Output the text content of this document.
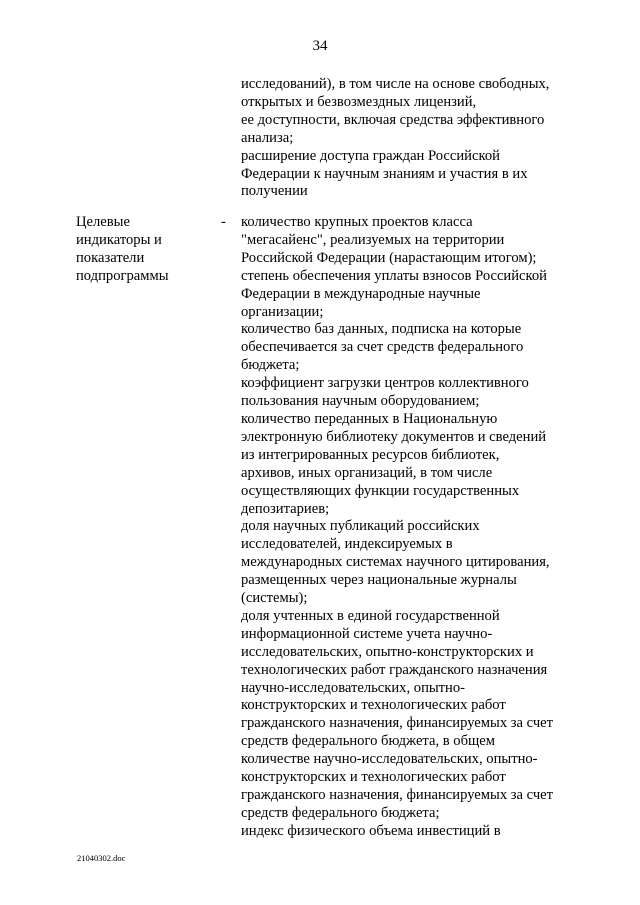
34
исследований), в том числе на основе свободных,
открытых и безвозмездных лицензий,
ее доступности, включая средства эффективного
анализа;
расширение доступа граждан Российской
Федерации к научным знаниям и участия в их
получении
Целевые
индикаторы и
показатели
подпрограммы
- количество крупных проектов класса
"мегасайенс", реализуемых на территории
Российской Федерации (нарастающим итогом);
степень обеспечения уплаты взносов Российской
Федерации в международные научные
организации;
количество баз данных, подписка на которые
обеспечивается за счет средств федерального
бюджета;
коэффициент загрузки центров коллективного
пользования научным оборудованием;
количество переданных в Национальную
электронную библиотеку документов и сведений
из интегрированных ресурсов библиотек,
архивов, иных организаций, в том числе
осуществляющих функции государственных
депозитариев;
доля научных публикаций российских
исследователей, индексируемых в
международных системах научного цитирования,
размещенных через национальные журналы
(системы);
доля учтенных в единой государственной
информационной системе учета научно-
исследовательских, опытно-конструкторских и
технологических работ гражданского назначения
научно-исследовательских, опытно-
конструкторских и технологических работ
гражданского назначения, финансируемых за счет
средств федерального бюджета, в общем
количестве научно-исследовательских, опытно-
конструкторских и технологических работ
гражданского назначения, финансируемых за счет
средств федерального бюджета;
индекс физического объема инвестиций в
21040302.doc
